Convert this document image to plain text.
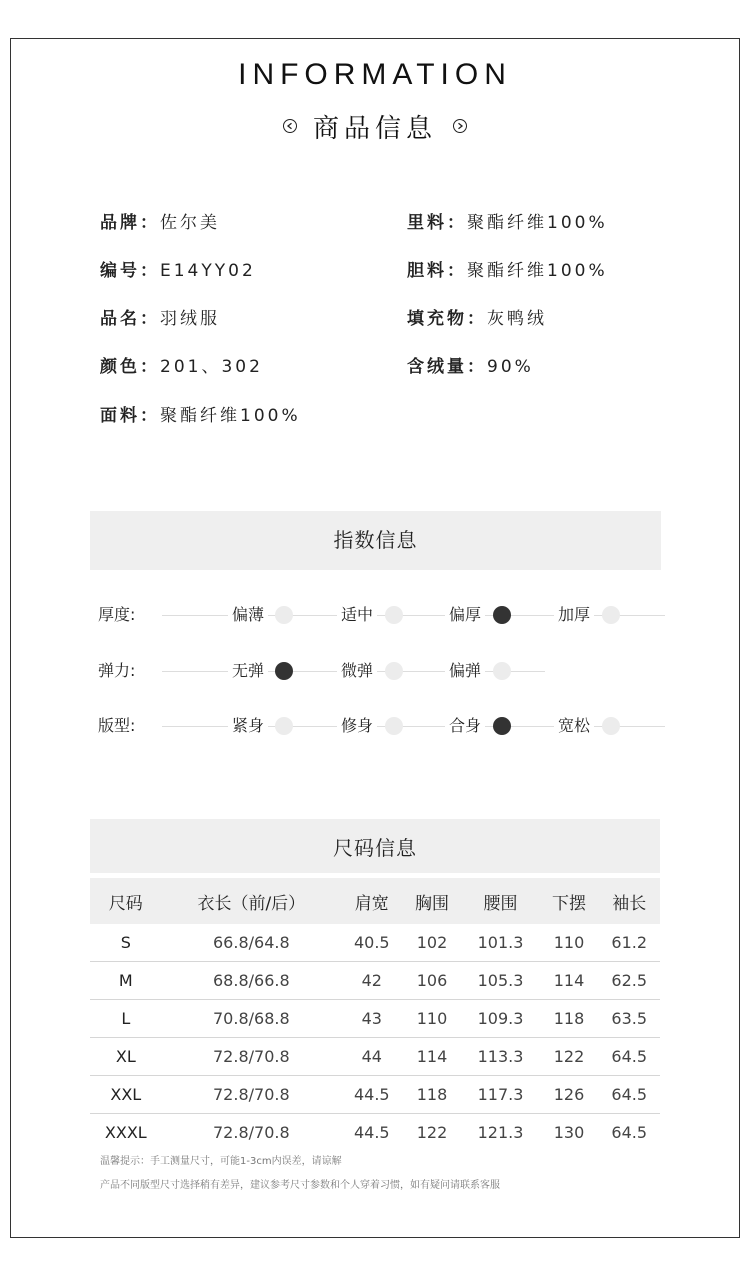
INFORMATION
商品信息
品牌：佐尔美
编号：E14YY02
品名：羽绒服
颜色：201、302
面料：聚酯纤维100%
里料：聚酯纤维100%
胆料：聚酯纤维100%
填充物：灰鸭绒
含绒量：90%
指数信息
厚度:	偏薄	适中	偏厚	加厚
弹力:	无弹	微弹	偏弹
版型:	紧身	修身	合身	宽松
尺码信息
尺码	衣长（前/后）	肩宽	胸围	腰围	下摆	袖长
S	66.8/64.8	40.5	102	101.3	110	61.2
M	68.8/66.8	42	106	105.3	114	62.5
L	70.8/68.8	43	110	109.3	118	63.5
XL	72.8/70.8	44	114	113.3	122	64.5
XXL	72.8/70.8	44.5	118	117.3	126	64.5
XXXL	72.8/70.8	44.5	122	121.3	130	64.5
温馨提示：手工测量尺寸，可能1-3cm内误差，请谅解
产品不同版型尺寸选择稍有差异，建议参考尺寸参数和个人穿着习惯，如有疑问请联系客服
